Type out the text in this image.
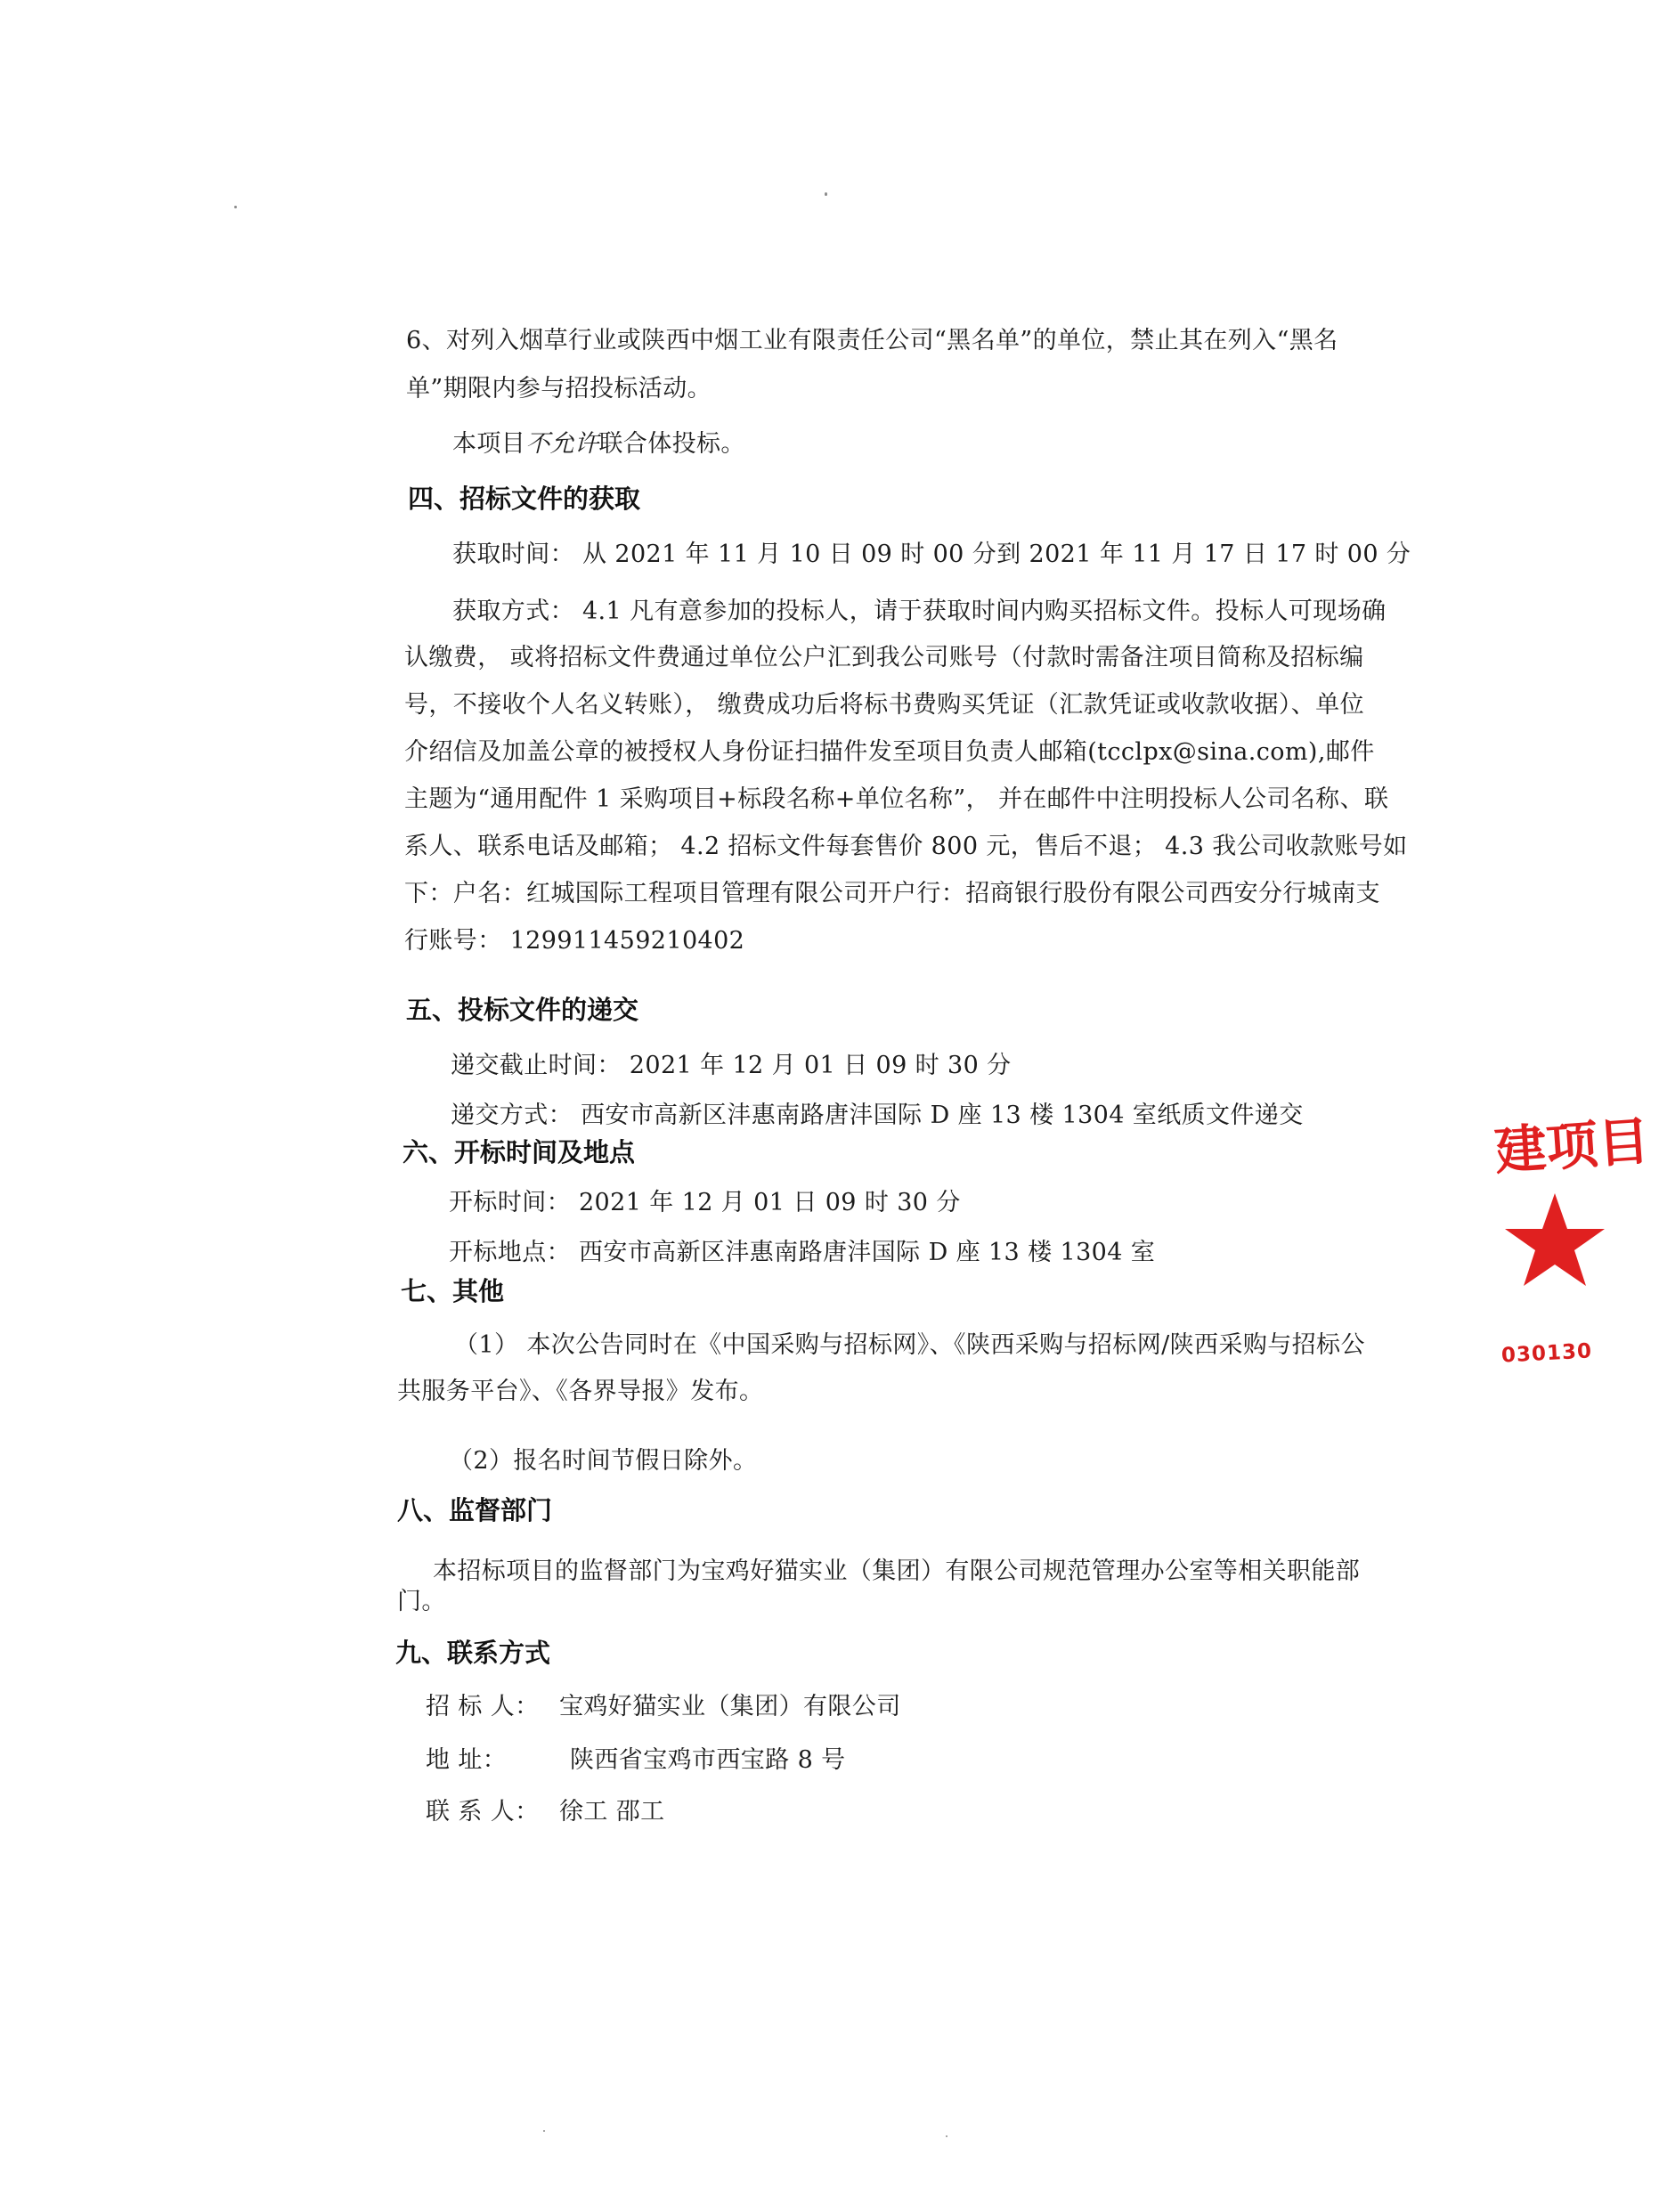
6、对列入烟草行业或陕西中烟工业有限责任公司“黑名单”的单位，禁止其在列入“黑名
单”期限内参与招投标活动。
本项目不允许联合体投标。
四、招标文件的获取
获取时间： 从 2021 年 11 月 10 日 09 时 00 分到 2021 年 11 月 17 日 17 时 00 分
获取方式： 4.1 凡有意参加的投标人，请于获取时间内购买招标文件。投标人可现场确
认缴费， 或将招标文件费通过单位公户汇到我公司账号（付款时需备注项目简称及招标编
号，不接收个人名义转账）， 缴费成功后将标书费购买凭证（汇款凭证或收款收据）、单位
介绍信及加盖公章的被授权人身份证扫描件发至项目负责人邮箱(tcclpx@sina.com),邮件
主题为“通用配件 1 采购项目+标段名称+单位名称”， 并在邮件中注明投标人公司名称、联
系人、联系电话及邮箱； 4.2 招标文件每套售价 800 元，售后不退； 4.3 我公司收款账号如
下：户名：红城国际工程项目管理有限公司开户行：招商银行股份有限公司西安分行城南支
行账号： 129911459210402
五、投标文件的递交
递交截止时间： 2021 年 12 月 01 日 09 时 30 分
递交方式： 西安市高新区沣惠南路唐沣国际 D 座 13 楼 1304 室纸质文件递交
六、开标时间及地点
开标时间： 2021 年 12 月 01 日 09 时 30 分
开标地点： 西安市高新区沣惠南路唐沣国际 D 座 13 楼 1304 室
七、其他
（1） 本次公告同时在《中国采购与招标网》、《陕西采购与招标网/陕西采购与招标公
共服务平台》、《各界导报》发布。
（2）报名时间节假日除外。
八、监督部门
本招标项目的监督部门为宝鸡好猫实业（集团）有限公司规范管理办公室等相关职能部
门。
九、联系方式
招 标 人： 宝鸡好猫实业（集团）有限公司
地 址：	陕西省宝鸡市西宝路 8 号
联 系 人： 徐工 邵工
建项目
030130
